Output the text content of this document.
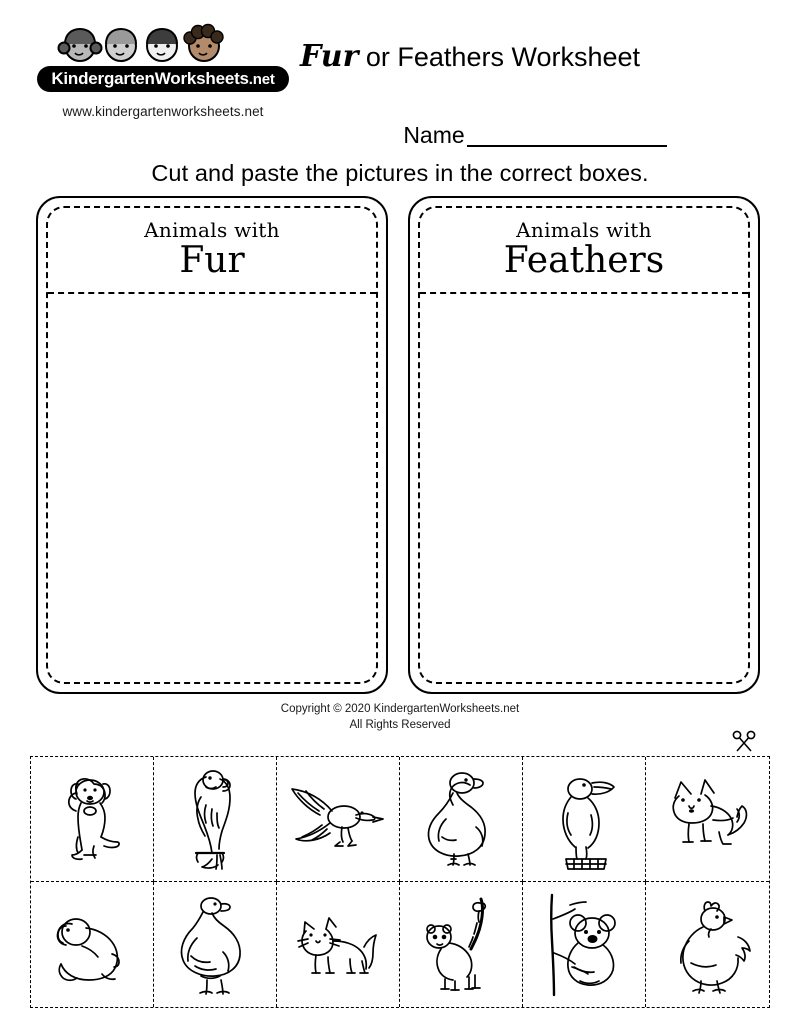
KindergartenWorksheets.net
www.kindergartenworksheets.net
Fur or Feathers Worksheet
Name
Cut and paste the pictures in the correct boxes.
Animals with
Fur
Animals with
Feathers
Copyright © 2020 KindergartenWorksheets.net
All Rights Reserved
